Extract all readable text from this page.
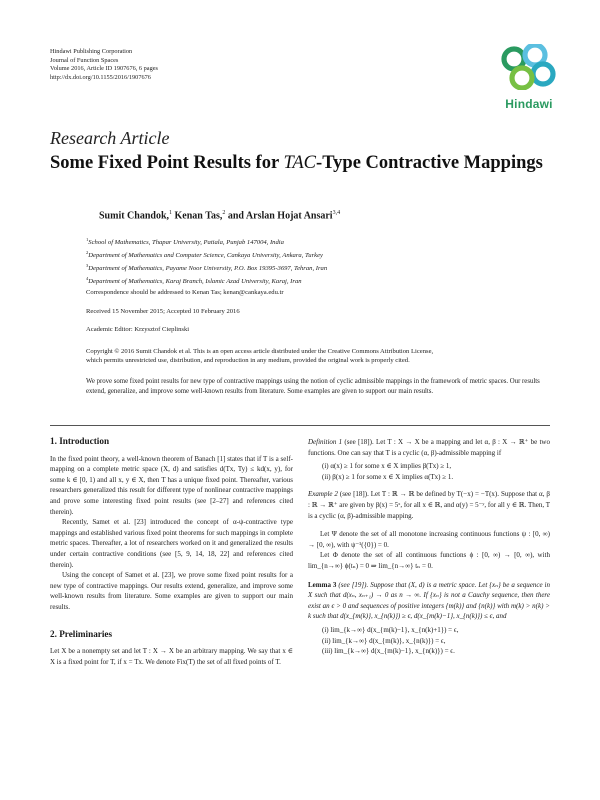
Hindawi Publishing Corporation
Journal of Function Spaces
Volume 2016, Article ID 1907676, 6 pages
http://dx.doi.org/10.1155/2016/1907676
Hindawi
Research Article
Some Fixed Point Results for TAC-Type Contractive Mappings
Sumit Chandok,$^1$ Kenan Tas,$^2$ and Arslan Hojat Ansari$^{3,4}$
$^1$School of Mathematics, Thapar University, Patiala, Punjab 147004, India
$^2$Department of Mathematics and Computer Science, Cankaya University, Ankara, Turkey
$^3$Department of Mathematics, Payame Noor University, P.O. Box 19395-3697, Tehran, Iran
$^4$Department of Mathematics, Karaj Branch, Islamic Azad University, Karaj, Iran
Correspondence should be addressed to Kenan Tas; kenan@cankaya.edu.tr
Received 15 November 2015; Accepted 10 February 2016
Academic Editor: Krzysztof Cieplinski
Copyright © 2016 Sumit Chandok et al. This is an open access article distributed under the Creative Commons Attribution License,
which permits unrestricted use, distribution, and reproduction in any medium, provided the original work is properly cited.
We prove some fixed point results for new type of contractive mappings using the notion of cyclic admissible mappings in the framework of metric spaces. Our results extend, generalize, and improve some well-known results from literature. Some examples are given to support our main results.
1. Introduction

In the fixed point theory, a well-known theorem of Banach [1] states that if T is a self-mapping on a complete metric space (X, d) and satisfies d(Tx, Ty) ≤ kd(x, y), for some k ∈ [0, 1) and all x, y ∈ X, then T has a unique fixed point. Thereafter, various researchers generalized this result for different type of nonlinear contractive mappings and prove some interesting fixed point results (see [2–27] and references cited therein).

Recently, Samet et al. [23] introduced the concept of α-ψ-contractive type mappings and established various fixed point theorems for such mappings in complete metric spaces. Thereafter, a lot of researchers worked on it and generalized the results under certain contractive conditions (see [5, 9, 14, 18, 22] and references cited therein).

Using the concept of Samet et al. [23], we prove some fixed point results for a new type of contractive mappings. Our results extend, generalize, and improve some well-known results from literature. Some examples are given to support our main results.

2. Preliminaries

Let X be a nonempty set and let T : X → X be an arbitrary mapping. We say that x ∈ X is a fixed point for T, if x = Tx. We denote Fix(T) the set of all fixed points of T.

Definition 1 (see [18]). Let T : X → X be a mapping and let α, β : X → ℝ⁺ be two functions. One can say that T is a cyclic (α, β)-admissible mapping if

(i) α(x) ≥ 1 for some x ∈ X implies β(Tx) ≥ 1,
(ii) β(x) ≥ 1 for some x ∈ X implies α(Tx) ≥ 1.

Example 2 (see [18]). Let T : ℝ → ℝ be defined by T(−x) = −T(x). Suppose that α, β : ℝ → ℝ⁺ are given by β(x) = 5ˣ, for all x ∈ ℝ, and α(y) = 5⁻ʸ, for all y ∈ ℝ. Then, T is a cyclic (α, β)-admissible mapping.

Let Ψ denote the set of all monotone increasing continuous functions ψ : [0, ∞) → [0, ∞), with ψ⁻¹({0}) = 0.

Let Φ denote the set of all continuous functions ϕ : [0, ∞) → [0, ∞), with lim_{n→∞} ϕ(tₙ) = 0 ⇒ lim_{n→∞} tₙ = 0.

Lemma 3 (see [19]). Suppose that (X, d) is a metric space. Let {xₙ} be a sequence in X such that d(xₙ, xₙ₊₁) → 0 as n → ∞. If {xₙ} is not a Cauchy sequence, then there exist an ϵ > 0 and sequences of positive integers {m(k)} and {n(k)} with m(k) > n(k) > k such that d(x_{m(k)}, x_{n(k)}) ≥ ϵ, d(x_{m(k)−1}, x_{n(k)}) ≤ ϵ, and

(i) lim_{k→∞} d(x_{m(k)−1}, x_{n(k)+1}) = ϵ,
(ii) lim_{k→∞} d(x_{m(k)}, x_{n(k)}) = ϵ,
(iii) lim_{k→∞} d(x_{m(k)−1}, x_{n(k)}) = ϵ.
